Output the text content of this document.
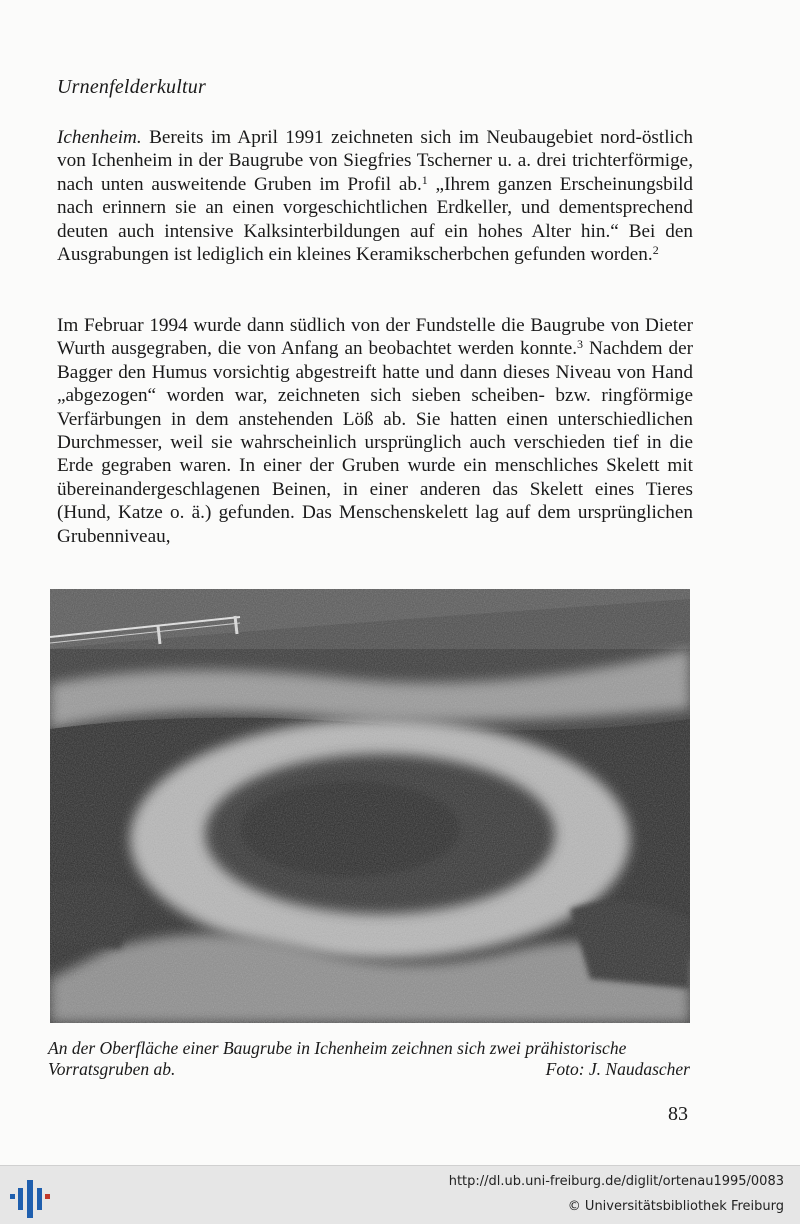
Urnenfelderkultur
Ichenheim. Bereits im April 1991 zeichneten sich im Neubaugebiet nord-östlich von Ichenheim in der Baugrube von Siegfries Tscherner u. a. drei trichterförmige, nach unten ausweitende Gruben im Profil ab.$^1$ „Ihrem ganzen Erscheinungsbild nach erinnern sie an einen vorgeschichtlichen Erdkeller, und dementsprechend deuten auch intensive Kalksinterbildungen auf ein hohes Alter hin.“ Bei den Ausgrabungen ist lediglich ein kleines Keramikscherbchen gefunden worden.$^2$
Im Februar 1994 wurde dann südlich von der Fundstelle die Baugrube von Dieter Wurth ausgegraben, die von Anfang an beobachtet werden konnte.$^3$ Nachdem der Bagger den Humus vorsichtig abgestreift hatte und dann dieses Niveau von Hand „abgezogen“ worden war, zeichneten sich sieben scheiben- bzw. ringförmige Verfärbungen in dem anstehenden Löß ab. Sie hatten einen unterschiedlichen Durchmesser, weil sie wahrscheinlich ursprünglich auch verschieden tief in die Erde gegraben waren. In einer der Gruben wurde ein menschliches Skelett mit übereinandergeschlagenen Beinen, in einer anderen das Skelett eines Tieres (Hund, Katze o. ä.) gefunden. Das Menschenskelett lag auf dem ursprünglichen Grubenniveau,
An der Oberfläche einer Baugrube in Ichenheim zeichnen sich zwei prähistorische Vorratsgruben ab.	Foto: J. Naudascher
83
http://dl.ub.uni-freiburg.de/diglit/ortenau1995/0083
© Universitätsbibliothek Freiburg
